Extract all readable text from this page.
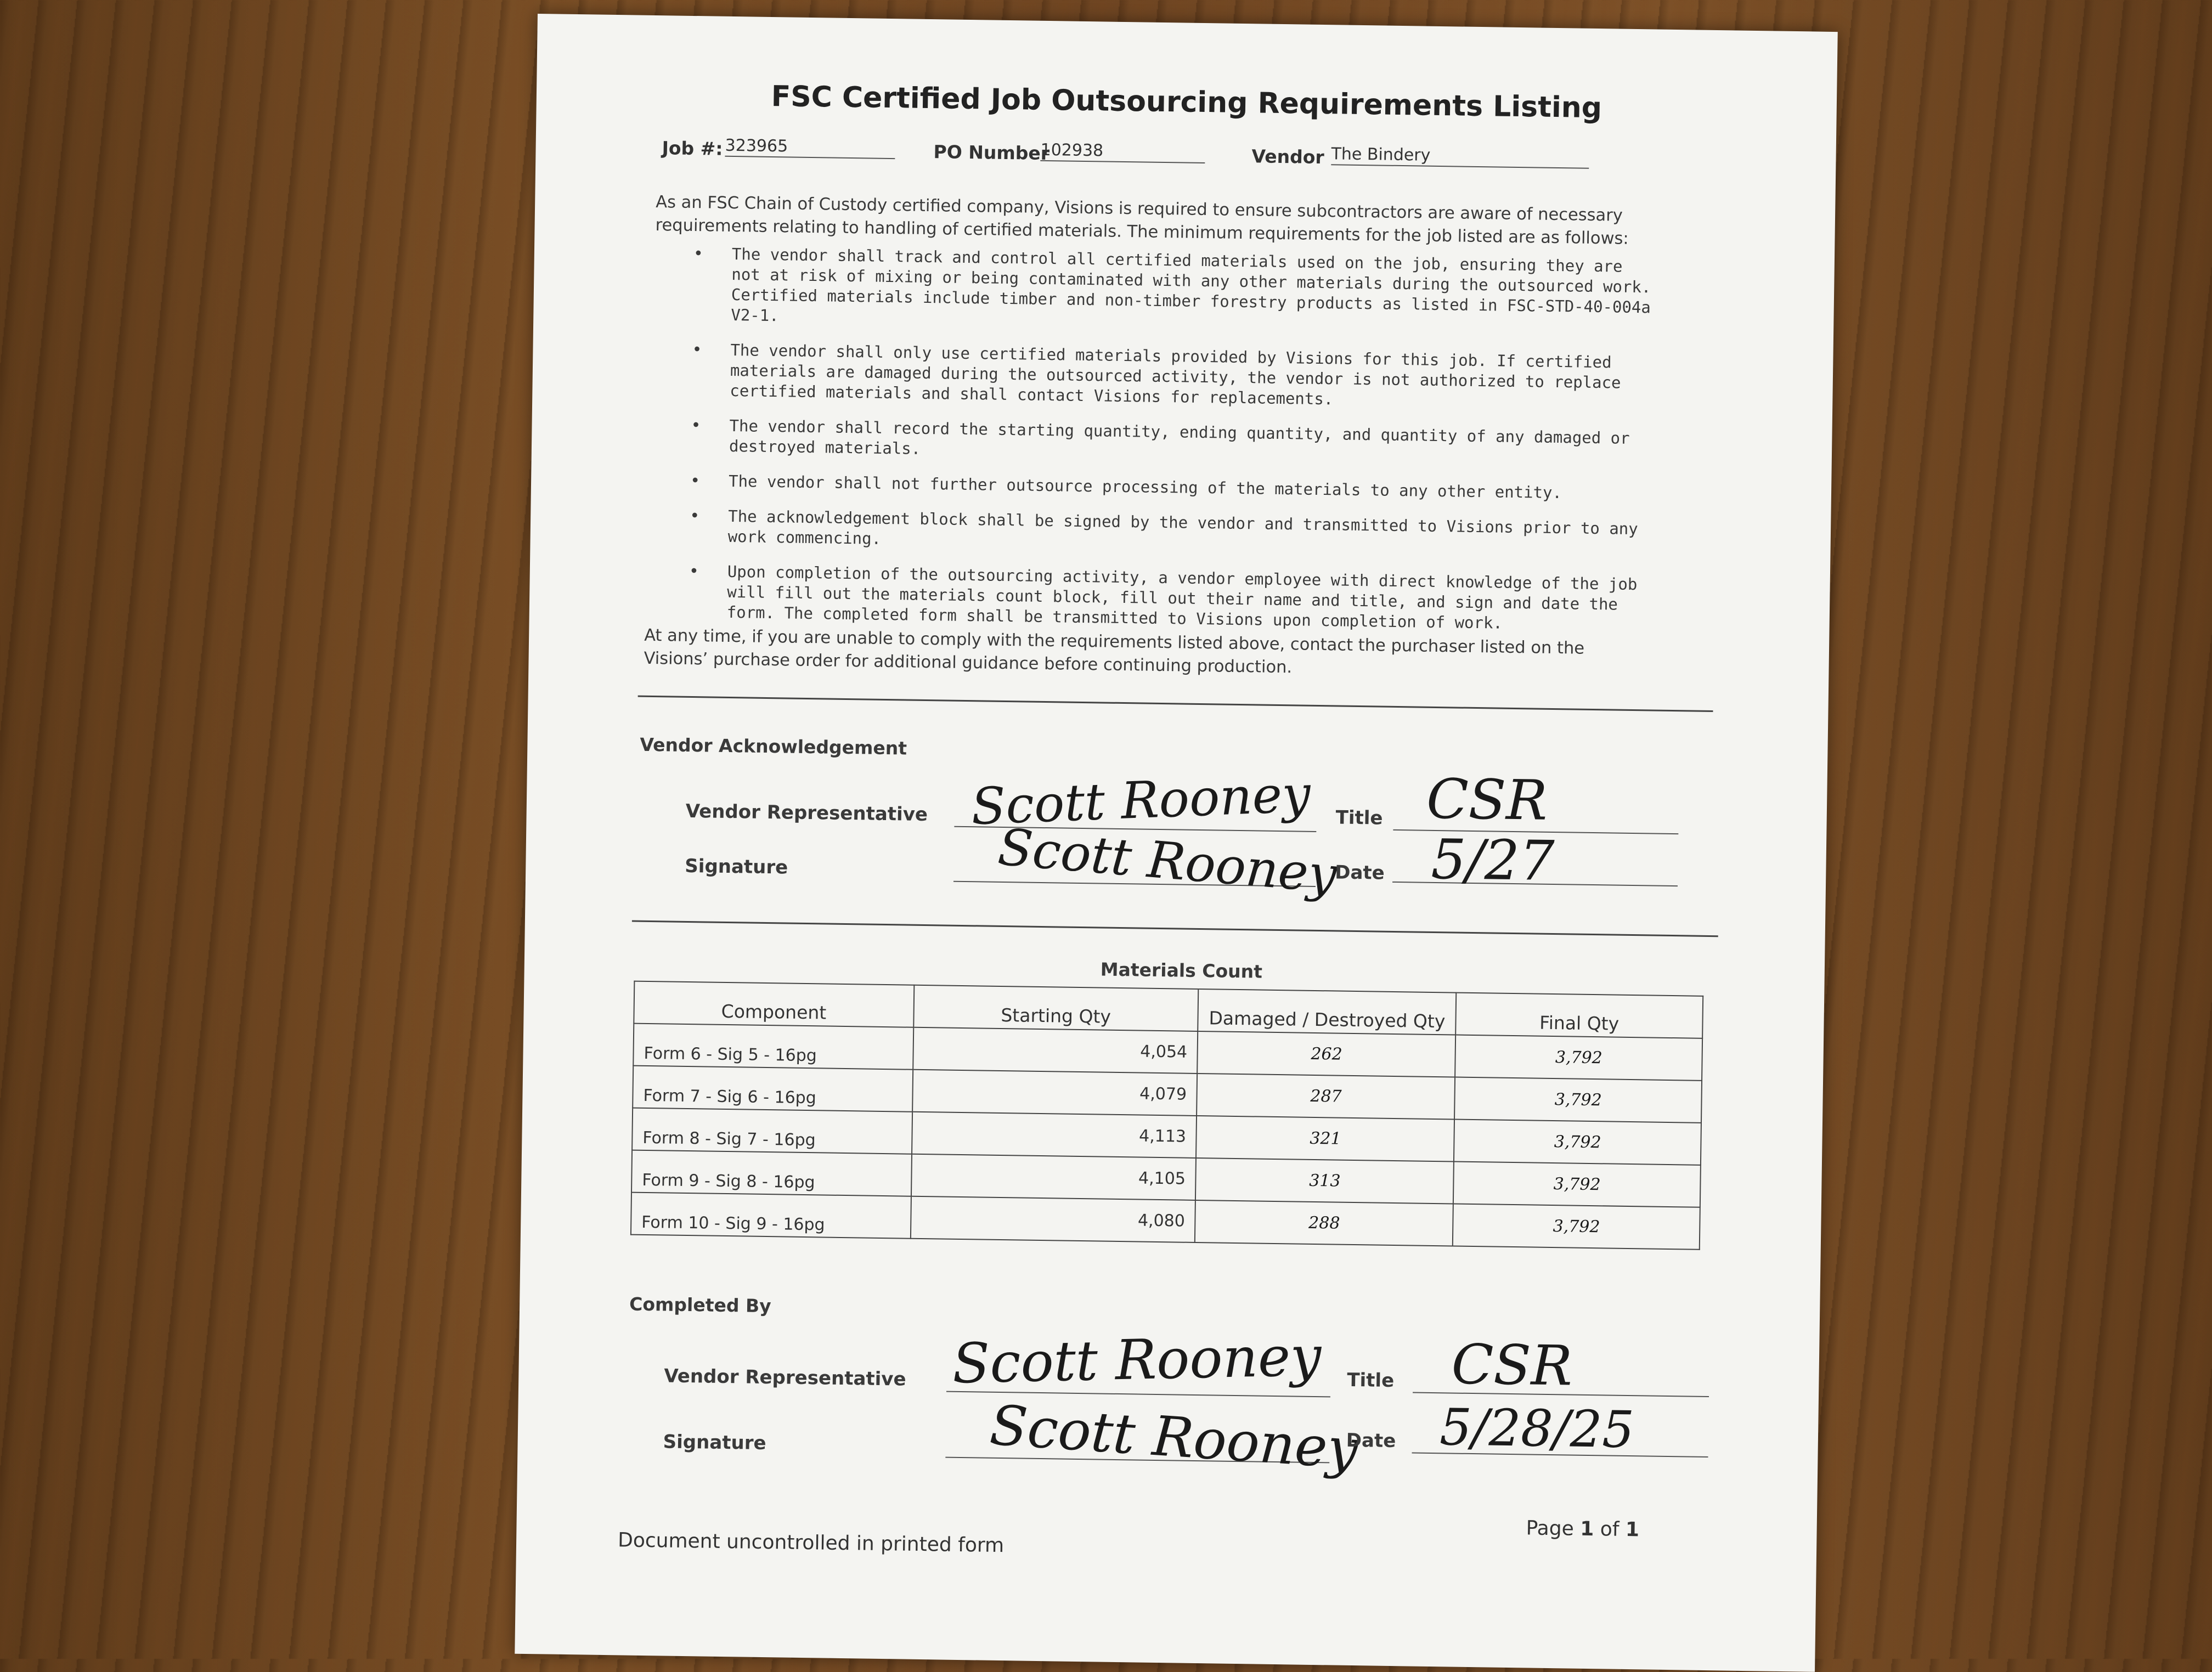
FSC Certified Job Outsourcing Requirements Listing
Job #: 323965	PO Number
102938	Vendor The Bindery
As an FSC Chain of Custody certified company, Visions is required to ensure subcontractors are aware of necessary requirements relating to handling of certified materials. The minimum requirements for the job listed are as follows:
• The vendor shall track and control all certified materials used on the job, ensuring they are not at risk of mixing or being contaminated with any other materials during the outsourced work. Certified materials include timber and non-timber forestry products as listed in FSC-STD-40-004a V2-1.
• The vendor shall only use certified materials provided by Visions for this job. If certified materials are damaged during the outsourced activity, the vendor is not authorized to replace certified materials and shall contact Visions for replacements.
• The vendor shall record the starting quantity, ending quantity, and quantity of any damaged or destroyed materials.
• The vendor shall not further outsource processing of the materials to any other entity.
• The acknowledgement block shall be signed by the vendor and transmitted to Visions prior to any work commencing.
• Upon completion of the outsourcing activity, a vendor employee with direct knowledge of the job will fill out the materials count block, fill out their name and title, and sign and date the form. The completed form shall be transmitted to Visions upon completion of work.
At any time, if you are unable to comply with the requirements listed above, contact the purchaser listed on the Visions’ purchase order for additional guidance before continuing production.
Vendor Acknowledgement
Vendor Representative Scott Rooney Title CSR
Signature	Scott Rooney
Date 5/27
Materials Count
Component	Starting Qty	Damaged / Destroyed Qty	Final Qty
Form 6 - Sig 5 - 16pg	4,054	262	3,792
Form 7 - Sig 6 - 16pg	4,079	287	3,792
Form 8 - Sig 7 - 16pg	4,113	321	3,792
Form 9 - Sig 8 - 16pg	4,105	313	3,792
Form 10 - Sig 9 - 16pg	4,080	288	3,792
Completed By
Vendor Representative Scott Rooney Title CSR
Signature	Scott Rooney
Date 5/28/25
Document uncontrolled in printed form
Page 1 of 1
